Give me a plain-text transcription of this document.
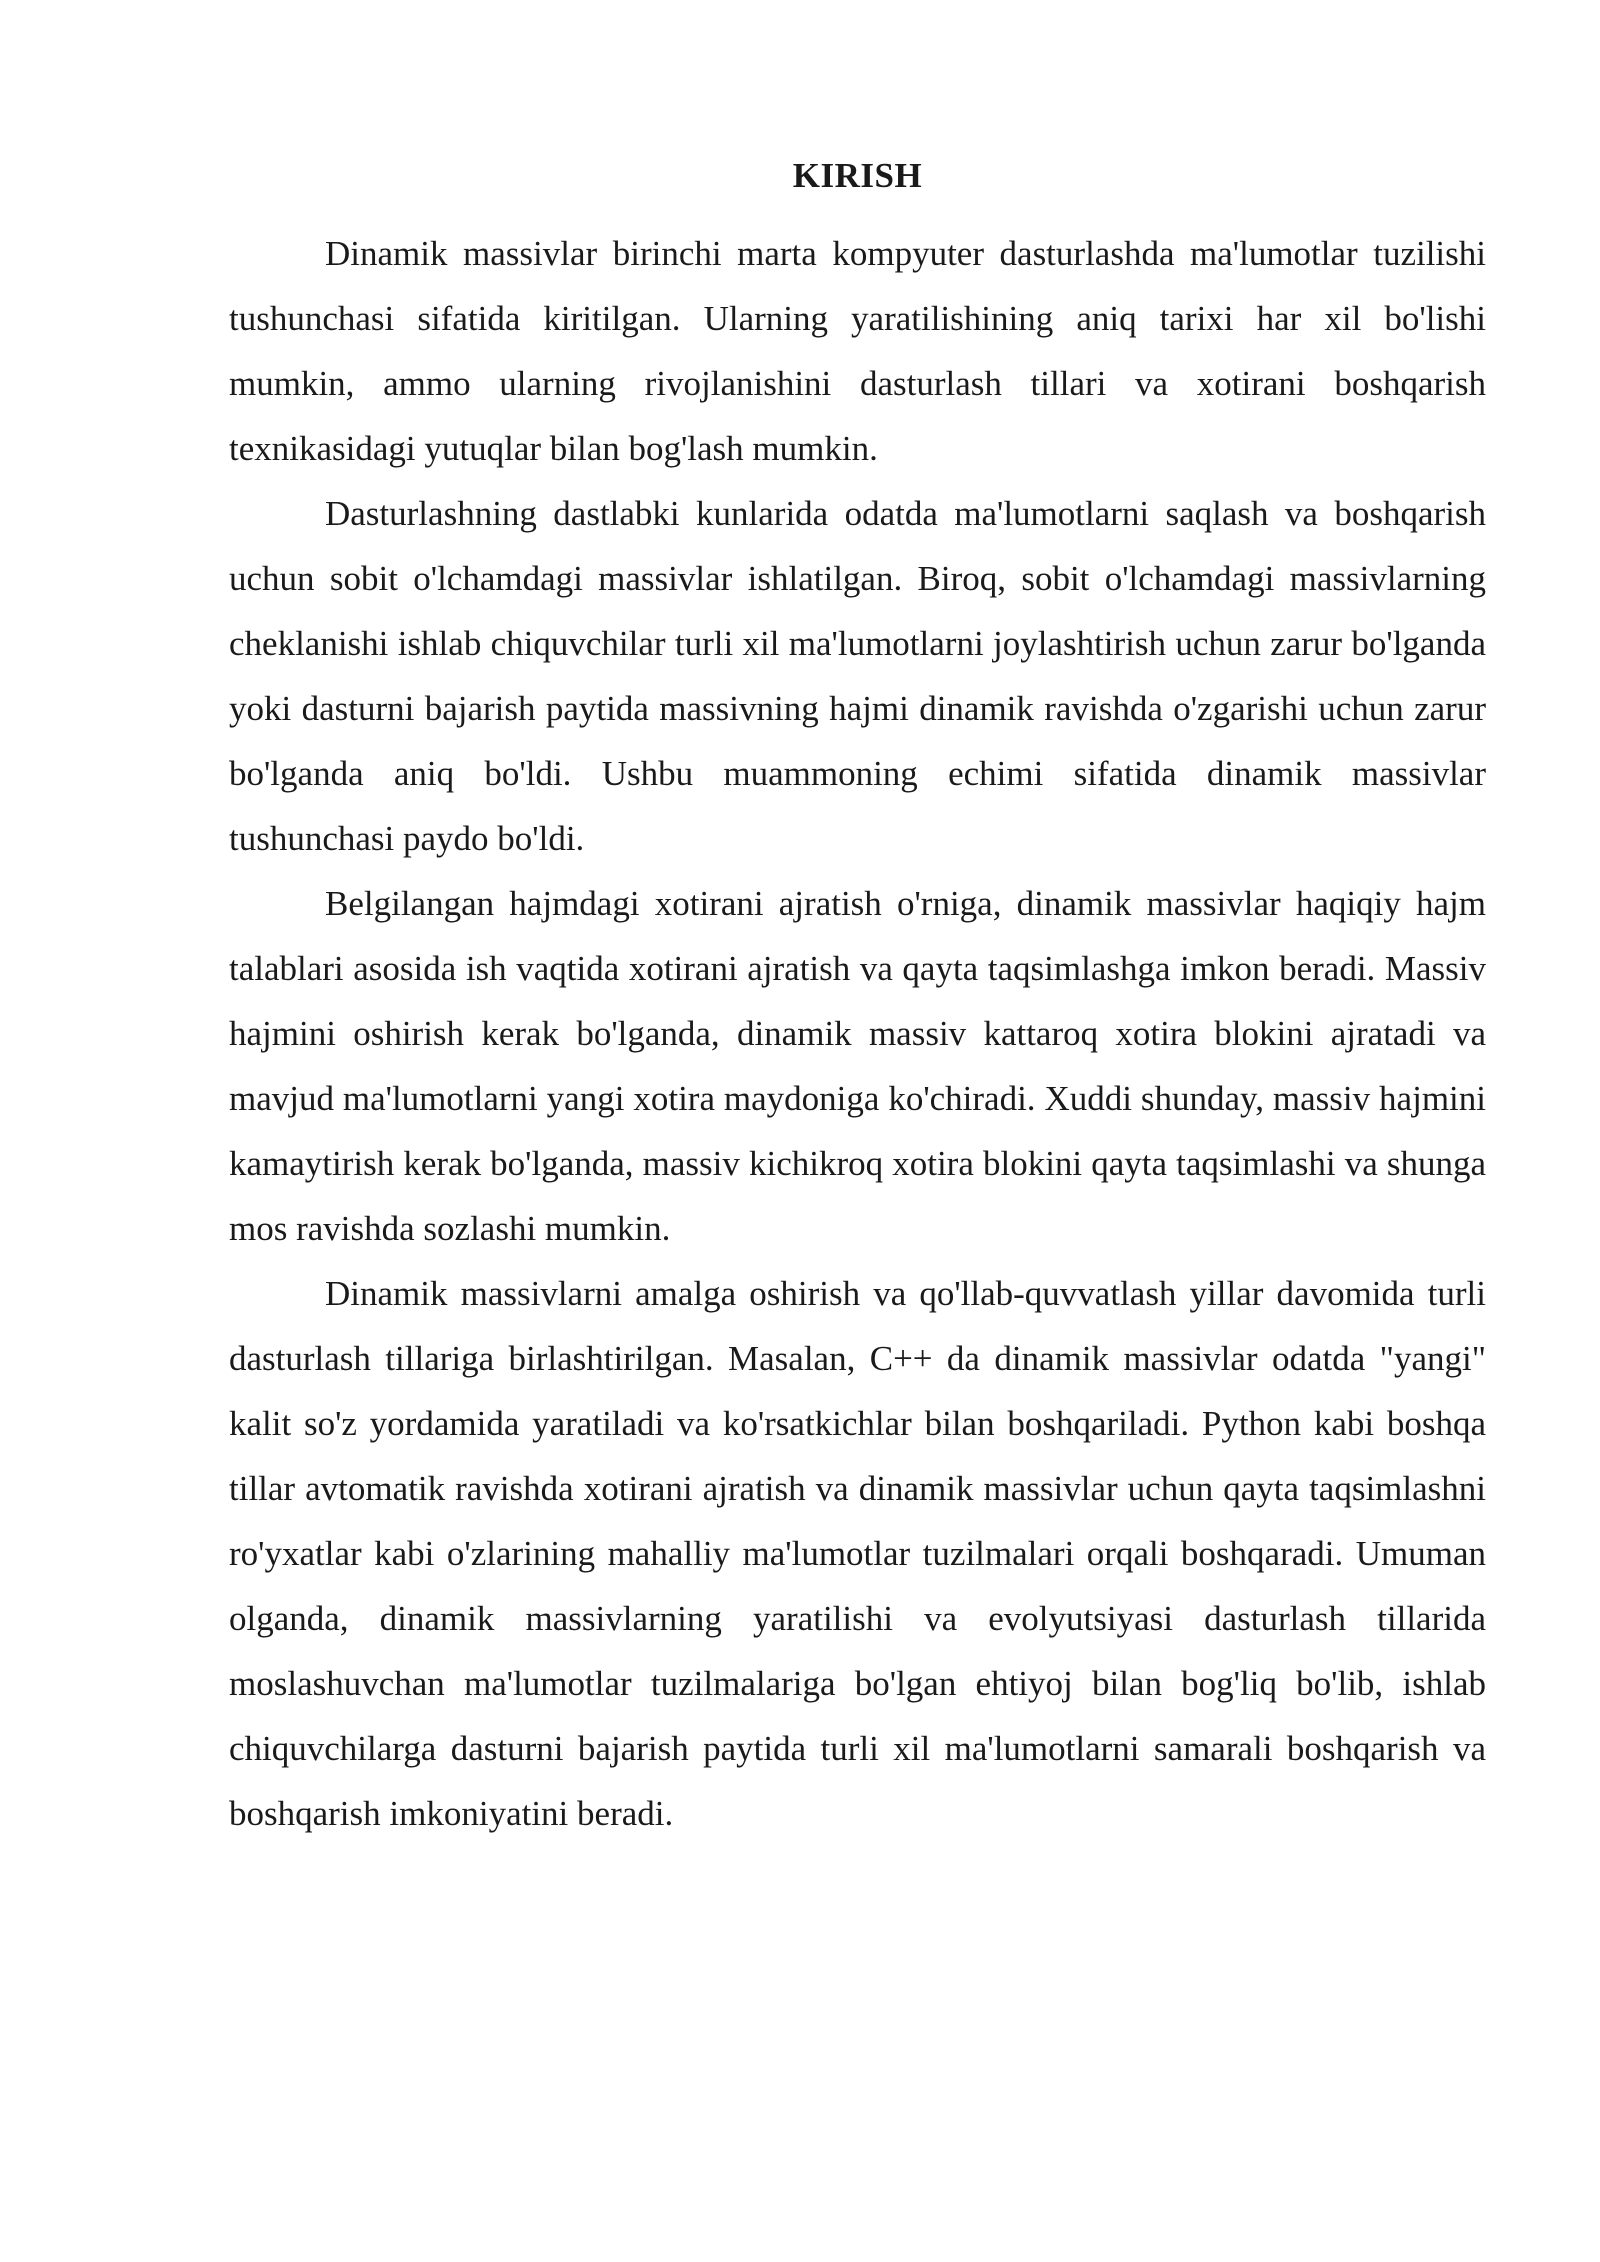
KIRISH

Dinamik massivlar birinchi marta kompyuter dasturlashda ma'lumotlar tuzilishi tushunchasi sifatida kiritilgan. Ularning yaratilishining aniq tarixi har xil bo'lishi mumkin, ammo ularning rivojlanishini dasturlash tillari va xotirani boshqarish texnikasidagi yutuqlar bilan bog'lash mumkin.

Dasturlashning dastlabki kunlarida odatda ma'lumotlarni saqlash va boshqarish uchun sobit o'lchamdagi massivlar ishlatilgan. Biroq, sobit o'lchamdagi massivlarning cheklanishi ishlab chiquvchilar turli xil ma'lumotlarni joylashtirish uchun zarur bo'lganda yoki dasturni bajarish paytida massivning hajmi dinamik ravishda o'zgarishi uchun zarur bo'lganda aniq bo'ldi. Ushbu muammoning echimi sifatida dinamik massivlar tushunchasi paydo bo'ldi.

Belgilangan hajmdagi xotirani ajratish o'rniga, dinamik massivlar haqiqiy hajm talablari asosida ish vaqtida xotirani ajratish va qayta taqsimlashga imkon beradi. Massiv hajmini oshirish kerak bo'lganda, dinamik massiv kattaroq xotira blokini ajratadi va mavjud ma'lumotlarni yangi xotira maydoniga ko'chiradi. Xuddi shunday, massiv hajmini kamaytirish kerak bo'lganda, massiv kichikroq xotira blokini qayta taqsimlashi va shunga mos ravishda sozlashi mumkin.

Dinamik massivlarni amalga oshirish va qo'llab-quvvatlash yillar davomida turli dasturlash tillariga birlashtirilgan. Masalan, C++ da dinamik massivlar odatda "yangi" kalit so'z yordamida yaratiladi va ko'rsatkichlar bilan boshqariladi. Python kabi boshqa tillar avtomatik ravishda xotirani ajratish va dinamik massivlar uchun qayta taqsimlashni ro'yxatlar kabi o'zlarining mahalliy ma'lumotlar tuzilmalari orqali boshqaradi. Umuman olganda, dinamik massivlarning yaratilishi va evolyutsiyasi dasturlash tillarida moslashuvchan ma'lumotlar tuzilmalariga bo'lgan ehtiyoj bilan bog'liq bo'lib, ishlab chiquvchilarga dasturni bajarish paytida turli xil ma'lumotlarni samarali boshqarish va boshqarish imkoniyatini beradi.
